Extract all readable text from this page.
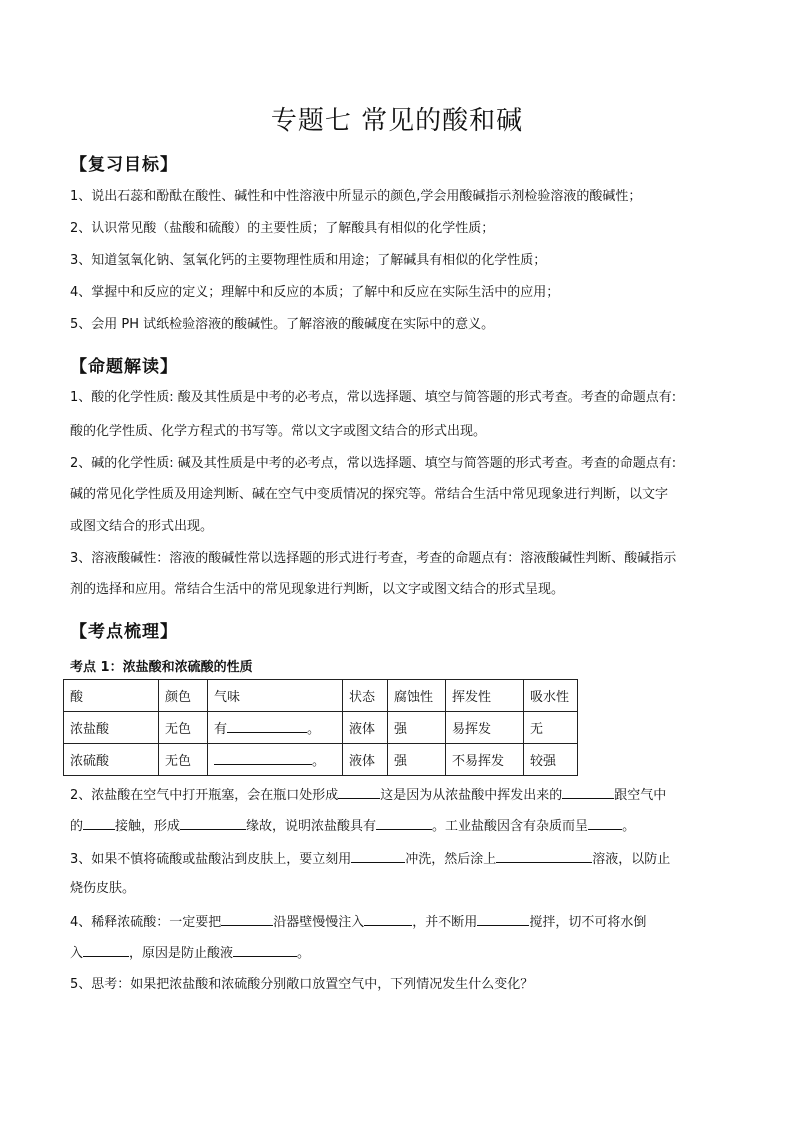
专题七 常见的酸和碱
【复习目标】
1、说出石蕊和酚酞在酸性、碱性和中性溶液中所显示的颜色,学会用酸碱指示剂检验溶液的酸碱性；
2、认识常见酸（盐酸和硫酸）的主要性质；了解酸具有相似的化学性质；
3、知道氢氧化钠、氢氧化钙的主要物理性质和用途；了解碱具有相似的化学性质；
4、掌握中和反应的定义；理解中和反应的本质；了解中和反应在实际生活中的应用；
5、会用 PH 试纸检验溶液的酸碱性。了解溶液的酸碱度在实际中的意义。
【命题解读】
1、酸的化学性质: 酸及其性质是中考的必考点，常以选择题、填空与简答题的形式考查。考查的命题点有:
酸的化学性质、化学方程式的书写等。常以文字或图文结合的形式出现。
2、碱的化学性质: 碱及其性质是中考的必考点，常以选择题、填空与简答题的形式考查。考查的命题点有:
碱的常见化学性质及用途判断、碱在空气中变质情况的探究等。常结合生活中常见现象进行判断，以文字
或图文结合的形式出现。
3、溶液酸碱性：溶液的酸碱性常以选择题的形式进行考查，考查的命题点有：溶液酸碱性判断、酸碱指示
剂的选择和应用。常结合生活中的常见现象进行判断，以文字或图文结合的形式呈现。
【考点梳理】
考点 1：浓盐酸和浓硫酸的性质
酸	颜色	气味	状态	腐蚀性	挥发性	吸水性
浓盐酸	无色	有 。	液体	强	易挥发	无
浓硫酸	无色	。	液体	强	不易挥发	较强
2、浓盐酸在空气中打开瓶塞，会在瓶口处形成	这是因为从浓盐酸中挥发出来的	跟空气中
的 接触，形成	缘故，说明浓盐酸具有	。工业盐酸因含有杂质而呈	。
3、如果不慎将硫酸或盐酸沾到皮肤上，要立刻用	冲洗，然后涂上	溶液，以防止
烧伤皮肤。
4、稀释浓硫酸：一定要把	沿器壁慢慢注入	，并不断用	搅拌，切不可将水倒
入	，原因是防止酸液	。
5、思考：如果把浓盐酸和浓硫酸分别敞口放置空气中，下列情况发生什么变化？
